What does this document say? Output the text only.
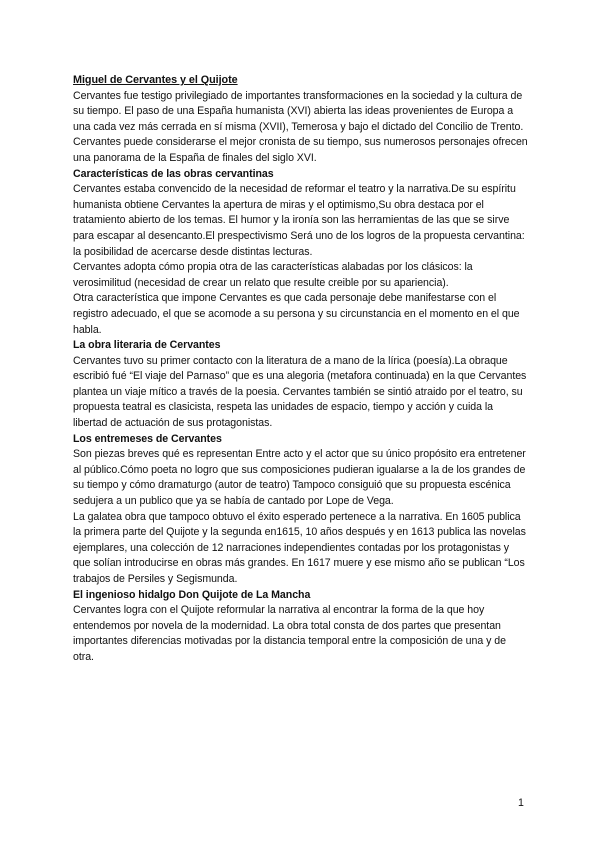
Miguel de Cervantes y el Quijote

Cervantes fue testigo privilegiado de importantes transformaciones en la sociedad y la cultura de su tiempo. El paso de una España humanista (XVI) abierta las ideas provenientes de Europa a una cada vez más cerrada en sí misma (XVII), Temerosa y bajo el dictado del Concilio de Trento. Cervantes puede considerarse el mejor cronista de su tiempo, sus numerosos personajes ofrecen una panorama de la España de finales del siglo XVI.

Características de las obras cervantinas

Cervantes estaba convencido de la necesidad de reformar el teatro y la narrativa.De su espíritu humanista obtiene Cervantes la apertura de miras y el optimismo,Su obra destaca por el tratamiento abierto de los temas. El humor y la ironía son las herramientas de las que se sirve para escapar al desencanto.El prespectivismo Será uno de los logros de la propuesta cervantina: la posibilidad de acercarse desde distintas lecturas.

Cervantes adopta cómo propia otra de las características alabadas por los clásicos: la verosimilitud (necesidad de crear un relato que resulte creible por su apariencia).

Otra característica que impone Cervantes es que cada personaje debe manifestarse con el registro adecuado, el que se acomode a su persona y su circunstancia en el momento en el que habla.

La obra literaria de Cervantes

Cervantes tuvo su primer contacto con la literatura de a mano de la lírica (poesía).La obraque escribió fué “El viaje del Parnaso” que es una alegoria (metafora continuada) en la que Cervantes plantea un viaje mítico a través de la poesia. Cervantes también se sintió atraido por el teatro, su propuesta teatral es clasicista, respeta las unidades de espacio, tiempo y acción y cuida la libertad de actuación de sus protagonistas.

Los entremeses de Cervantes

Son piezas breves qué es representan Entre acto y el actor que su único propósito era entretener al público.Cómo poeta no logro que sus composiciones pudieran igualarse a la de los grandes de su tiempo y cómo dramaturgo (autor de teatro) Tampoco consiguió que su propuesta escénica sedujera a un publico que ya se había de cantado por Lope de Vega.

La galatea obra que tampoco obtuvo el éxito esperado pertenece a la narrativa. En 1605 publica la primera parte del Quijote y la segunda en1615, 10 años después y en 1613 publica las novelas ejemplares, una colección de 12 narraciones independientes contadas por los protagonistas y que solían introducirse en obras más grandes. En 1617 muere y ese mismo año se publican “Los trabajos de Persiles y Segismunda.

El ingenioso hidalgo Don Quijote de La Mancha

Cervantes logra con el Quijote reformular la narrativa al encontrar la forma de la que hoy entendemos por novela de la modernidad. La obra total consta de dos partes que presentan importantes diferencias motivadas por la distancia temporal entre la composición de una y de otra.

1
